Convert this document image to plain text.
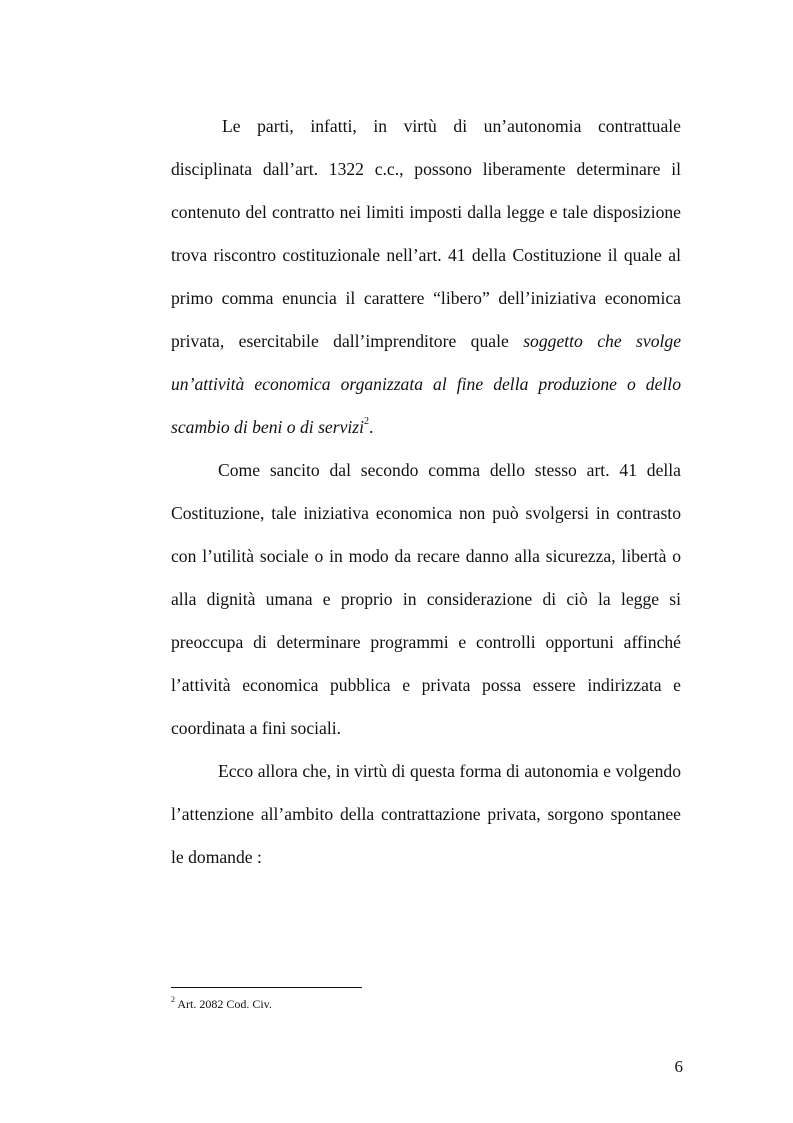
Le parti, infatti, in virtù di un’autonomia contrattuale disciplinata dall’art. 1322 c.c., possono liberamente determinare il contenuto del contratto nei limiti imposti dalla legge e tale disposizione trova riscontro costituzionale nell’art. 41 della Costituzione il quale al primo comma enuncia il carattere “libero” dell’iniziativa economica privata, esercitabile dall’imprenditore quale soggetto che svolge un’attività economica organizzata al fine della produzione o dello scambio di beni o di servizi$^2$.

Come sancito dal secondo comma dello stesso art. 41 della Costituzione, tale iniziativa economica non può svolgersi in contrasto con l’utilità sociale o in modo da recare danno alla sicurezza, libertà o alla dignità umana e proprio in considerazione di ciò la legge si preoccupa di determinare programmi e controlli opportuni affinché l’attività economica pubblica e privata possa essere indirizzata e coordinata a fini sociali.

Ecco allora che, in virtù di questa forma di autonomia e volgendo l’attenzione all’ambito della contrattazione privata, sorgono spontanee le domande :

$^2$ Art. 2082 Cod. Civ.
6
